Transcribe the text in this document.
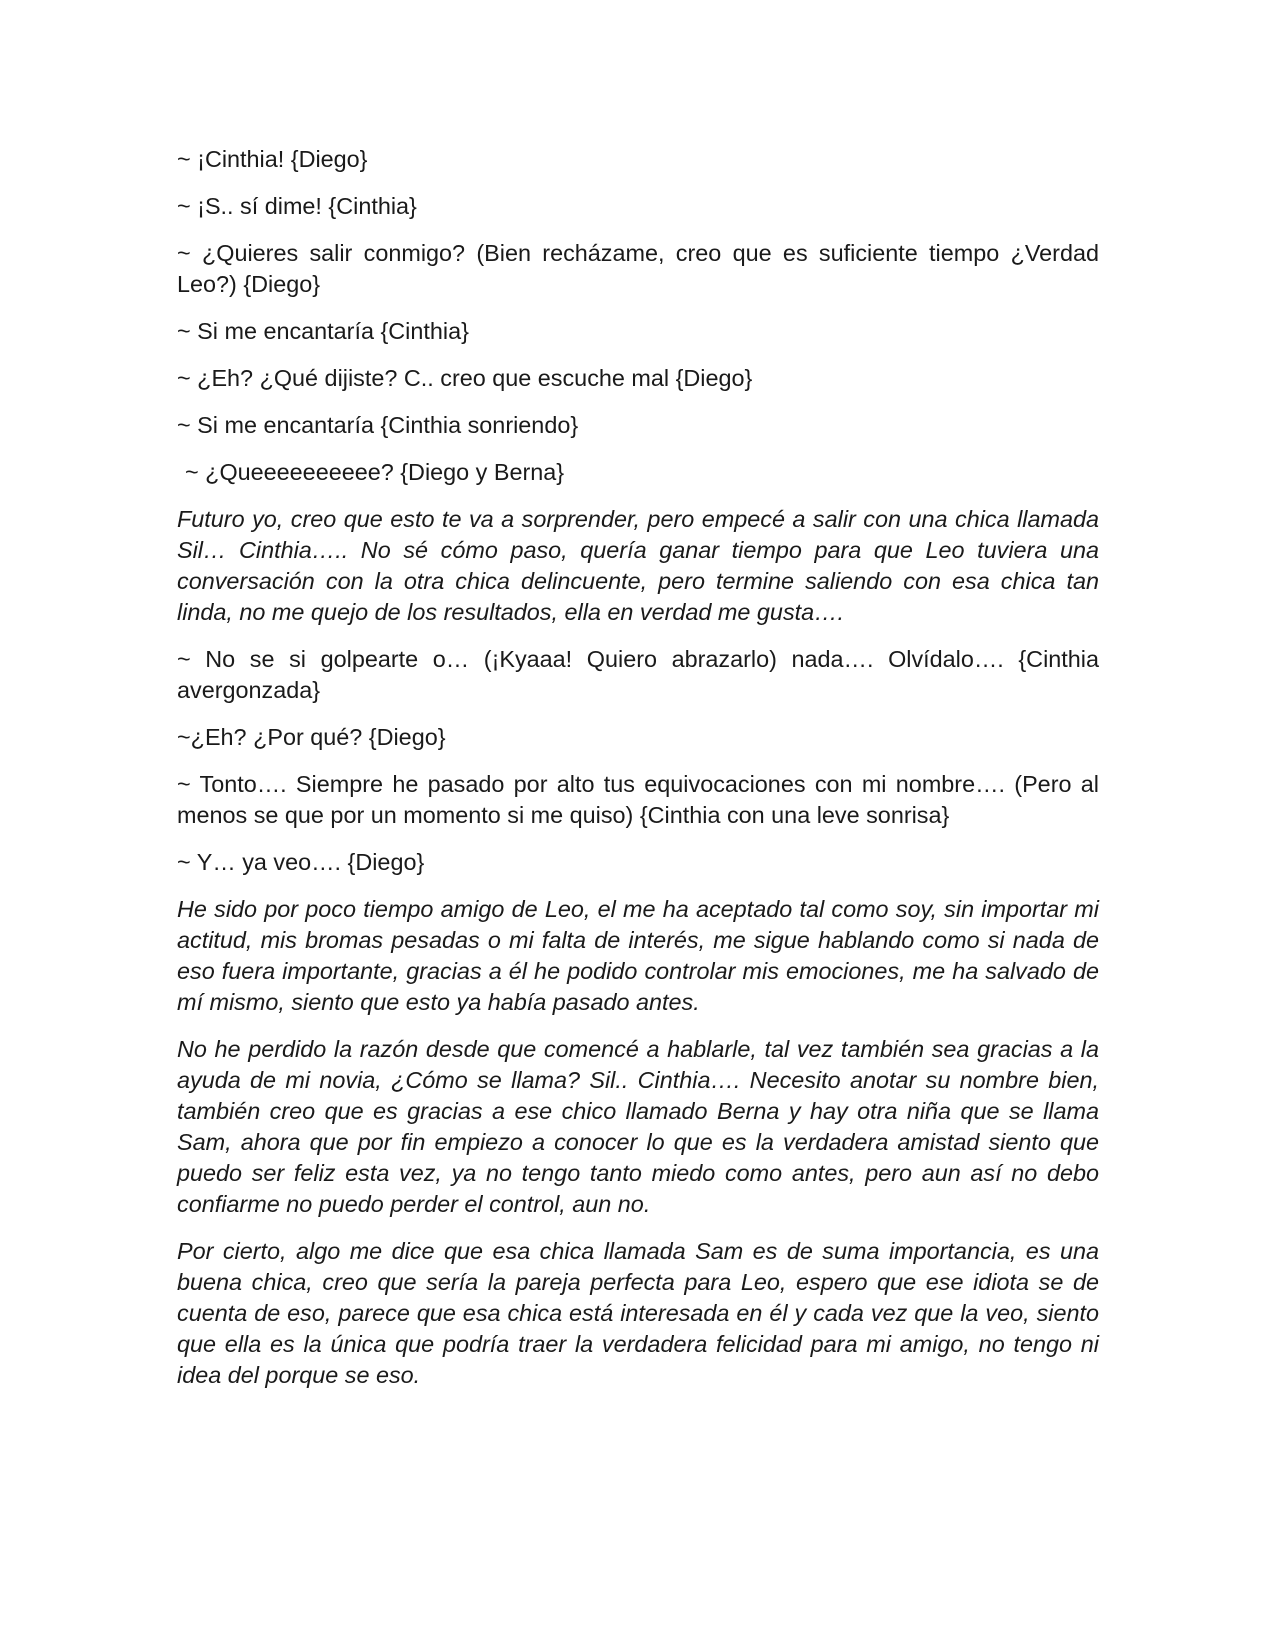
~ ¡Cinthia! {Diego}

~ ¡S.. sí dime! {Cinthia}

~ ¿Quieres salir conmigo? (Bien recházame, creo que es suficiente tiempo ¿Verdad Leo?) {Diego}

~ Si me encantaría {Cinthia}

~ ¿Eh? ¿Qué dijiste? C.. creo que escuche mal {Diego}

~ Si me encantaría {Cinthia sonriendo}

~ ¿Queeeeeeeeee? {Diego y Berna}

Futuro yo, creo que esto te va a sorprender, pero empecé a salir con una chica llamada Sil… Cinthia….. No sé cómo paso, quería ganar tiempo para que Leo tuviera una conversación con la otra chica delincuente, pero termine saliendo con esa chica tan linda, no me quejo de los resultados, ella en verdad me gusta….

~ No se si golpearte o… (¡Kyaaa! Quiero abrazarlo) nada…. Olvídalo…. {Cinthia avergonzada}

~¿Eh? ¿Por qué? {Diego}

~ Tonto…. Siempre he pasado por alto tus equivocaciones con mi nombre…. (Pero al menos se que por un momento si me quiso) {Cinthia con una leve sonrisa}

~ Y… ya veo…. {Diego}

He sido por poco tiempo amigo de Leo, el me ha aceptado tal como soy, sin importar mi actitud, mis bromas pesadas o mi falta de interés, me sigue hablando como si nada de eso fuera importante, gracias a él he podido controlar mis emociones, me ha salvado de mí mismo, siento que esto ya había pasado antes.

No he perdido la razón desde que comencé a hablarle, tal vez también sea gracias a la ayuda de mi novia, ¿Cómo se llama? Sil.. Cinthia…. Necesito anotar su nombre bien, también creo que es gracias a ese chico llamado Berna y hay otra niña que se llama Sam, ahora que por fin empiezo a conocer lo que es la verdadera amistad siento que puedo ser feliz esta vez, ya no tengo tanto miedo como antes, pero aun así no debo confiarme no puedo perder el control, aun no.

Por cierto, algo me dice que esa chica llamada Sam es de suma importancia, es una buena chica, creo que sería la pareja perfecta para Leo, espero que ese idiota se de cuenta de eso, parece que esa chica está interesada en él y cada vez que la veo, siento que ella es la única que podría traer la verdadera felicidad para mi amigo, no tengo ni idea del porque se eso.
